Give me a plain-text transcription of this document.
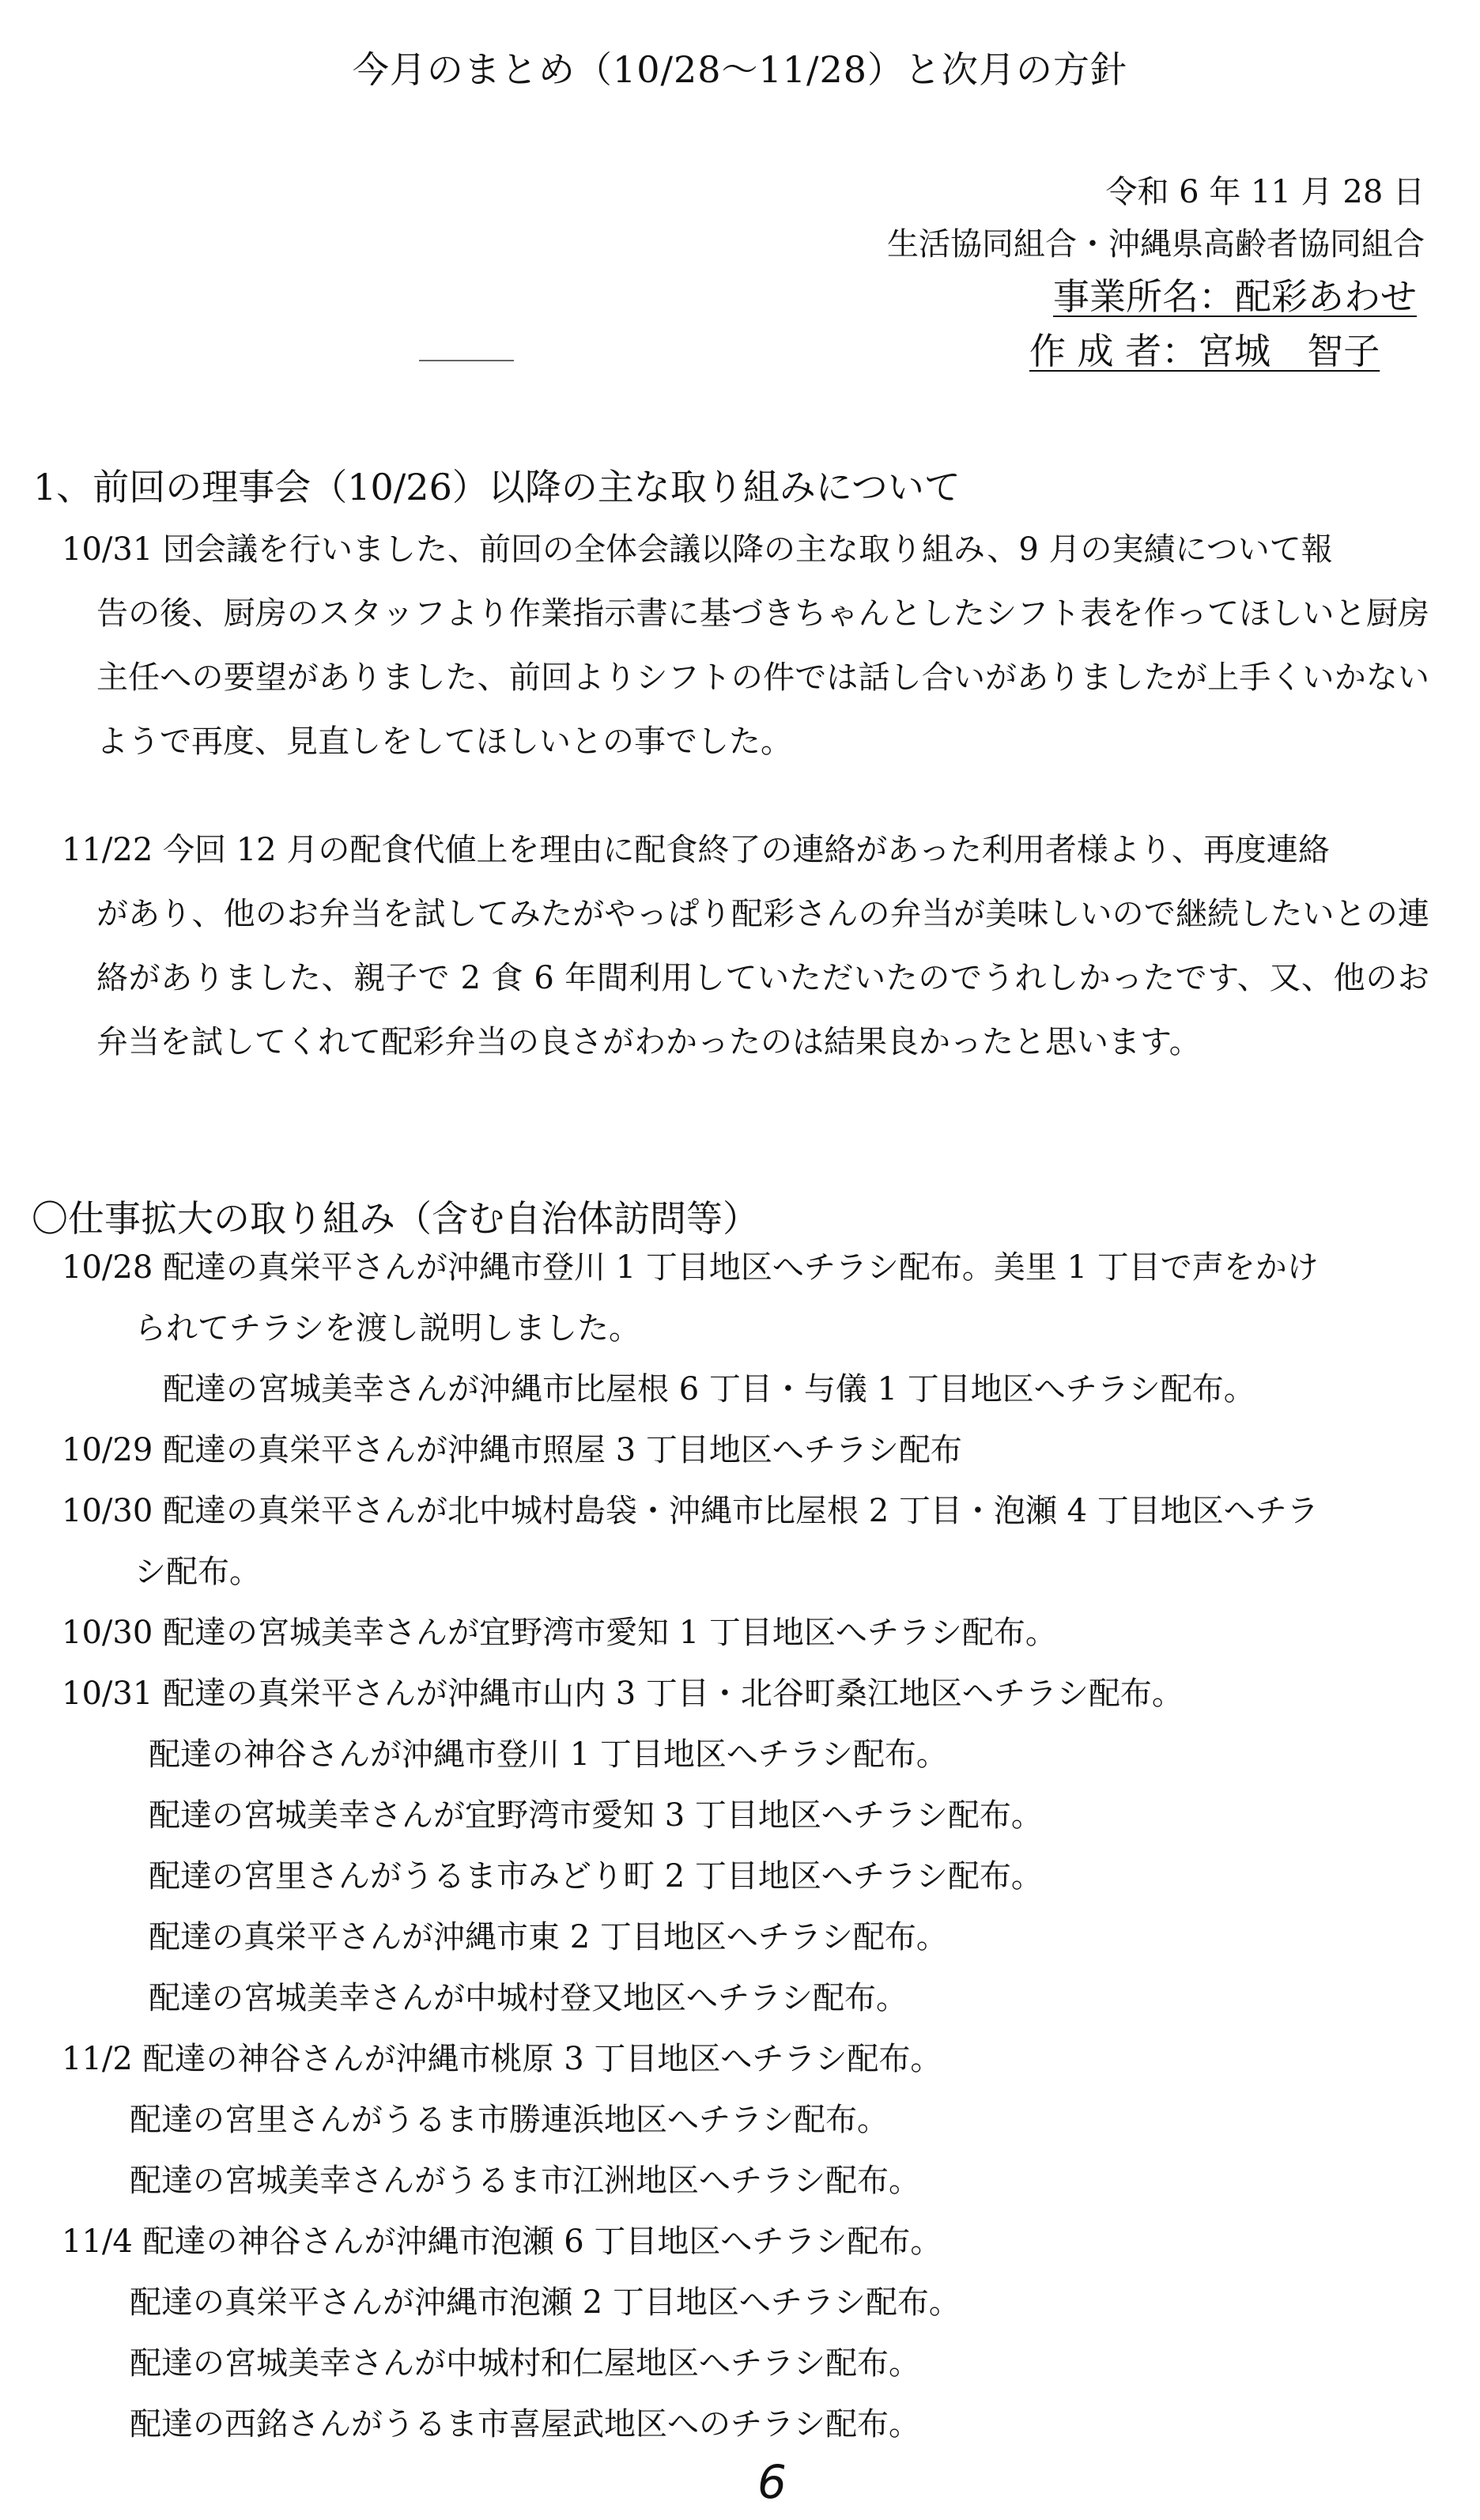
今月のまとめ（10/28～11/28）と次月の方針
令和 6 年 11 月 28 日
生活協同組合・沖縄県高齢者協同組合
事業所名：配彩あわせ
作 成 者：宮城　智子
1、前回の理事会（10/26）以降の主な取り組みについて
10/31 団会議を行いました、前回の全体会議以降の主な取り組み、9 月の実績について報
告の後、厨房のスタッフより作業指示書に基づきちゃんとしたシフト表を作ってほしいと厨房主任への要望がありました、前回よりシフトの件では話し合いがありましたが上手くいかないようで再度、見直しをしてほしいとの事でした。
11/22 今回 12 月の配食代値上を理由に配食終了の連絡があった利用者様より、再度連絡
があり、他のお弁当を試してみたがやっぱり配彩さんの弁当が美味しいので継続したいとの連絡がありました、親子で 2 食 6 年間利用していただいたのでうれしかったです、又、他のお弁当を試してくれて配彩弁当の良さがわかったのは結果良かったと思います。
〇仕事拡大の取り組み（含む自治体訪問等）
10/28 配達の真栄平さんが沖縄市登川 1 丁目地区へチラシ配布。美里 1 丁目で声をかけ
られてチラシを渡し説明しました。
配達の宮城美幸さんが沖縄市比屋根 6 丁目・与儀 1 丁目地区へチラシ配布。
10/29 配達の真栄平さんが沖縄市照屋 3 丁目地区へチラシ配布
10/30 配達の真栄平さんが北中城村島袋・沖縄市比屋根 2 丁目・泡瀬 4 丁目地区へチラ
シ配布。
10/30 配達の宮城美幸さんが宜野湾市愛知 1 丁目地区へチラシ配布。
10/31 配達の真栄平さんが沖縄市山内 3 丁目・北谷町桑江地区へチラシ配布。
配達の神谷さんが沖縄市登川 1 丁目地区へチラシ配布。
配達の宮城美幸さんが宜野湾市愛知 3 丁目地区へチラシ配布。
配達の宮里さんがうるま市みどり町 2 丁目地区へチラシ配布。
配達の真栄平さんが沖縄市東 2 丁目地区へチラシ配布。
配達の宮城美幸さんが中城村登又地区へチラシ配布。
11/2 配達の神谷さんが沖縄市桃原 3 丁目地区へチラシ配布。
配達の宮里さんがうるま市勝連浜地区へチラシ配布。
配達の宮城美幸さんがうるま市江洲地区へチラシ配布。
11/4 配達の神谷さんが沖縄市泡瀬 6 丁目地区へチラシ配布。
配達の真栄平さんが沖縄市泡瀬 2 丁目地区へチラシ配布。
配達の宮城美幸さんが中城村和仁屋地区へチラシ配布。
配達の西銘さんがうるま市喜屋武地区へのチラシ配布。
6
